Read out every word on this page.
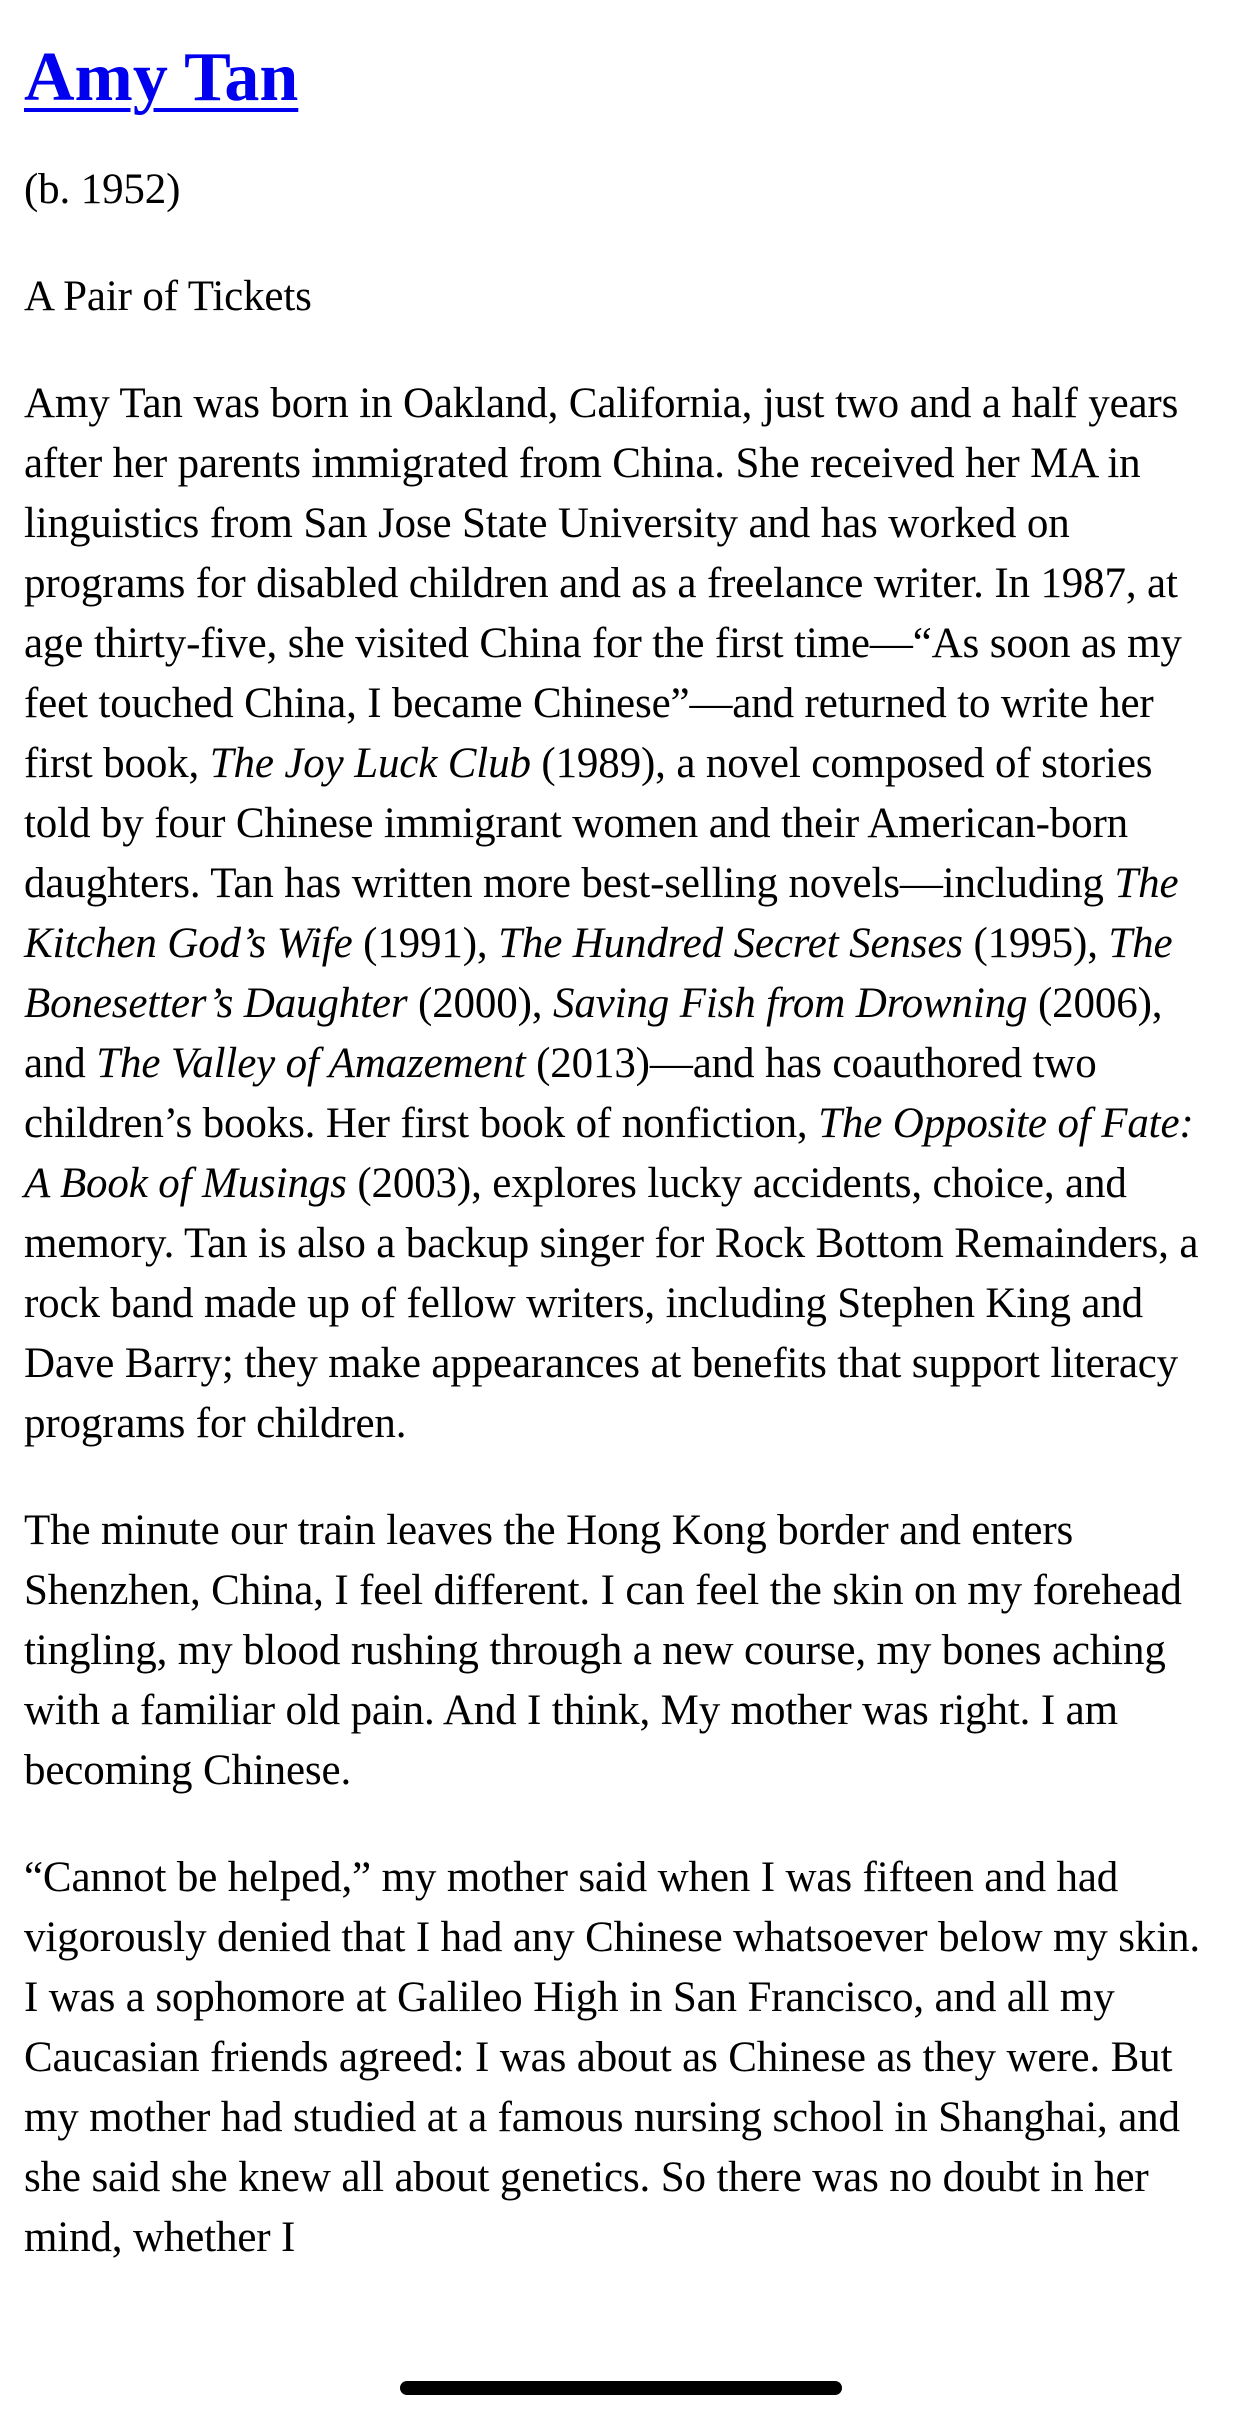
Amy Tan

(b. 1952)

A Pair of Tickets

Amy Tan was born in Oakland, California, just two and a half years after her parents immigrated from China. She received her MA in linguistics from San Jose State University and has worked on programs for disabled children and as a freelance writer. In 1987, at age thirty-five, she visited China for the first time—“As soon as my feet touched China, I became Chinese”—and returned to write her first book, The Joy Luck Club (1989), a novel composed of stories told by four Chinese immigrant women and their American-born daughters. Tan has written more best-selling novels—including The Kitchen God’s Wife (1991), The Hundred Secret Senses (1995), The Bonesetter’s Daughter (2000), Saving Fish from Drowning (2006), and The Valley of Amazement (2013)—and has coauthored two children’s books. Her first book of nonfiction, The Opposite of Fate: A Book of Musings (2003), explores lucky accidents, choice, and memory. Tan is also a backup singer for Rock Bottom Remainders, a rock band made up of fellow writers, including Stephen King and Dave Barry; they make appearances at benefits that support literacy programs for children.

The minute our train leaves the Hong Kong border and enters Shenzhen, China, I feel different. I can feel the skin on my forehead tingling, my blood rushing through a new course, my bones aching with a familiar old pain. And I think, My mother was right. I am becoming Chinese.

“Cannot be helped,” my mother said when I was fifteen and had vigorously denied that I had any Chinese whatsoever below my skin. I was a sophomore at Galileo High in San Francisco, and all my Caucasian friends agreed: I was about as Chinese as they were. But my mother had studied at a famous nursing school in Shanghai, and she said she knew all about genetics. So there was no doubt in her mind, whether I
